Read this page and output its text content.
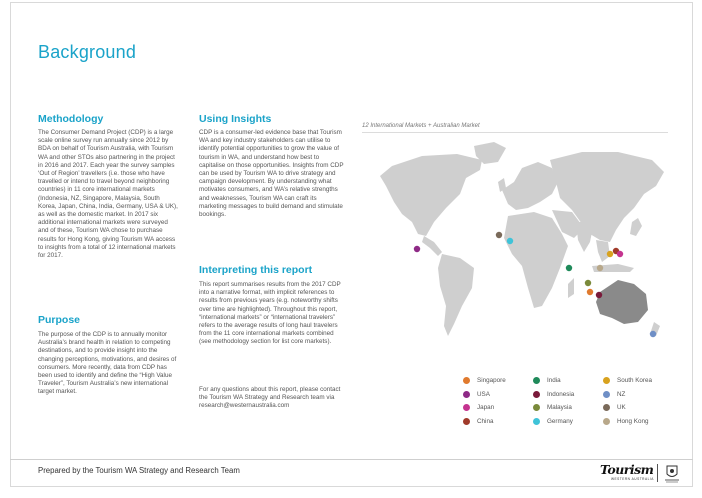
Background
Methodology

The Consumer Demand Project (CDP) is a large scale online survey run annually since 2012 by BDA on behalf of Tourism Australia, with Tourism WA and other STOs also partnering in the project in 2016 and 2017. Each year the survey samples ‘Out of Region’ travellers (i.e. those who have travelled or intend to travel beyond neighboring countries) in 11 core international markets (Indonesia, NZ, Singapore, Malaysia, South Korea, Japan, China, India, Germany, USA & UK), as well as the domestic market. In 2017 six additional international markets were surveyed and of these, Tourism WA chose to purchase results for Hong Kong, giving Tourism WA access to insights from a total of 12 international markets for 2017.

Purpose

The purpose of the CDP is to annually monitor Australia’s brand health in relation to competing destinations, and to provide insight into the changing perceptions, motivations, and desires of consumers. More recently, data from CDP has been used to identify and define the “High Value Traveler”, Tourism Australia’s new international target market.

Using Insights

CDP is a consumer-led evidence base that Tourism WA and key industry stakeholders can utilise to identify potential opportunities to grow the value of tourism in WA, and understand how best to capitalise on those opportunities. Insights from CDP can be used by Tourism WA to drive strategy and campaign development. By understanding what motivates consumers, and WA’s relative strengths and weaknesses, Tourism WA can craft its marketing messages to build demand and stimulate bookings.

Interpreting this report

This report summarises results from the 2017 CDP into a narrative format, with implicit references to results from previous years (e.g. noteworthy shifts over time are highlighted). Throughout this report, “international markets” or “international travelers” refers to the average results of long haul travelers from the 11 core international markets combined (see methodology section for list core markets).

For any questions about this report, please contact the Tourism WA Strategy and Research team via research@westernaustralia.com

12 International Markets + Australian Market
Singapore	India	South Korea
USA	Indonesia	NZ
Japan	Malaysia	UK
China	Germany	Hong Kong
Prepared by the Tourism WA Strategy and Research Team	Tourism
WESTERN AUSTRALIA
